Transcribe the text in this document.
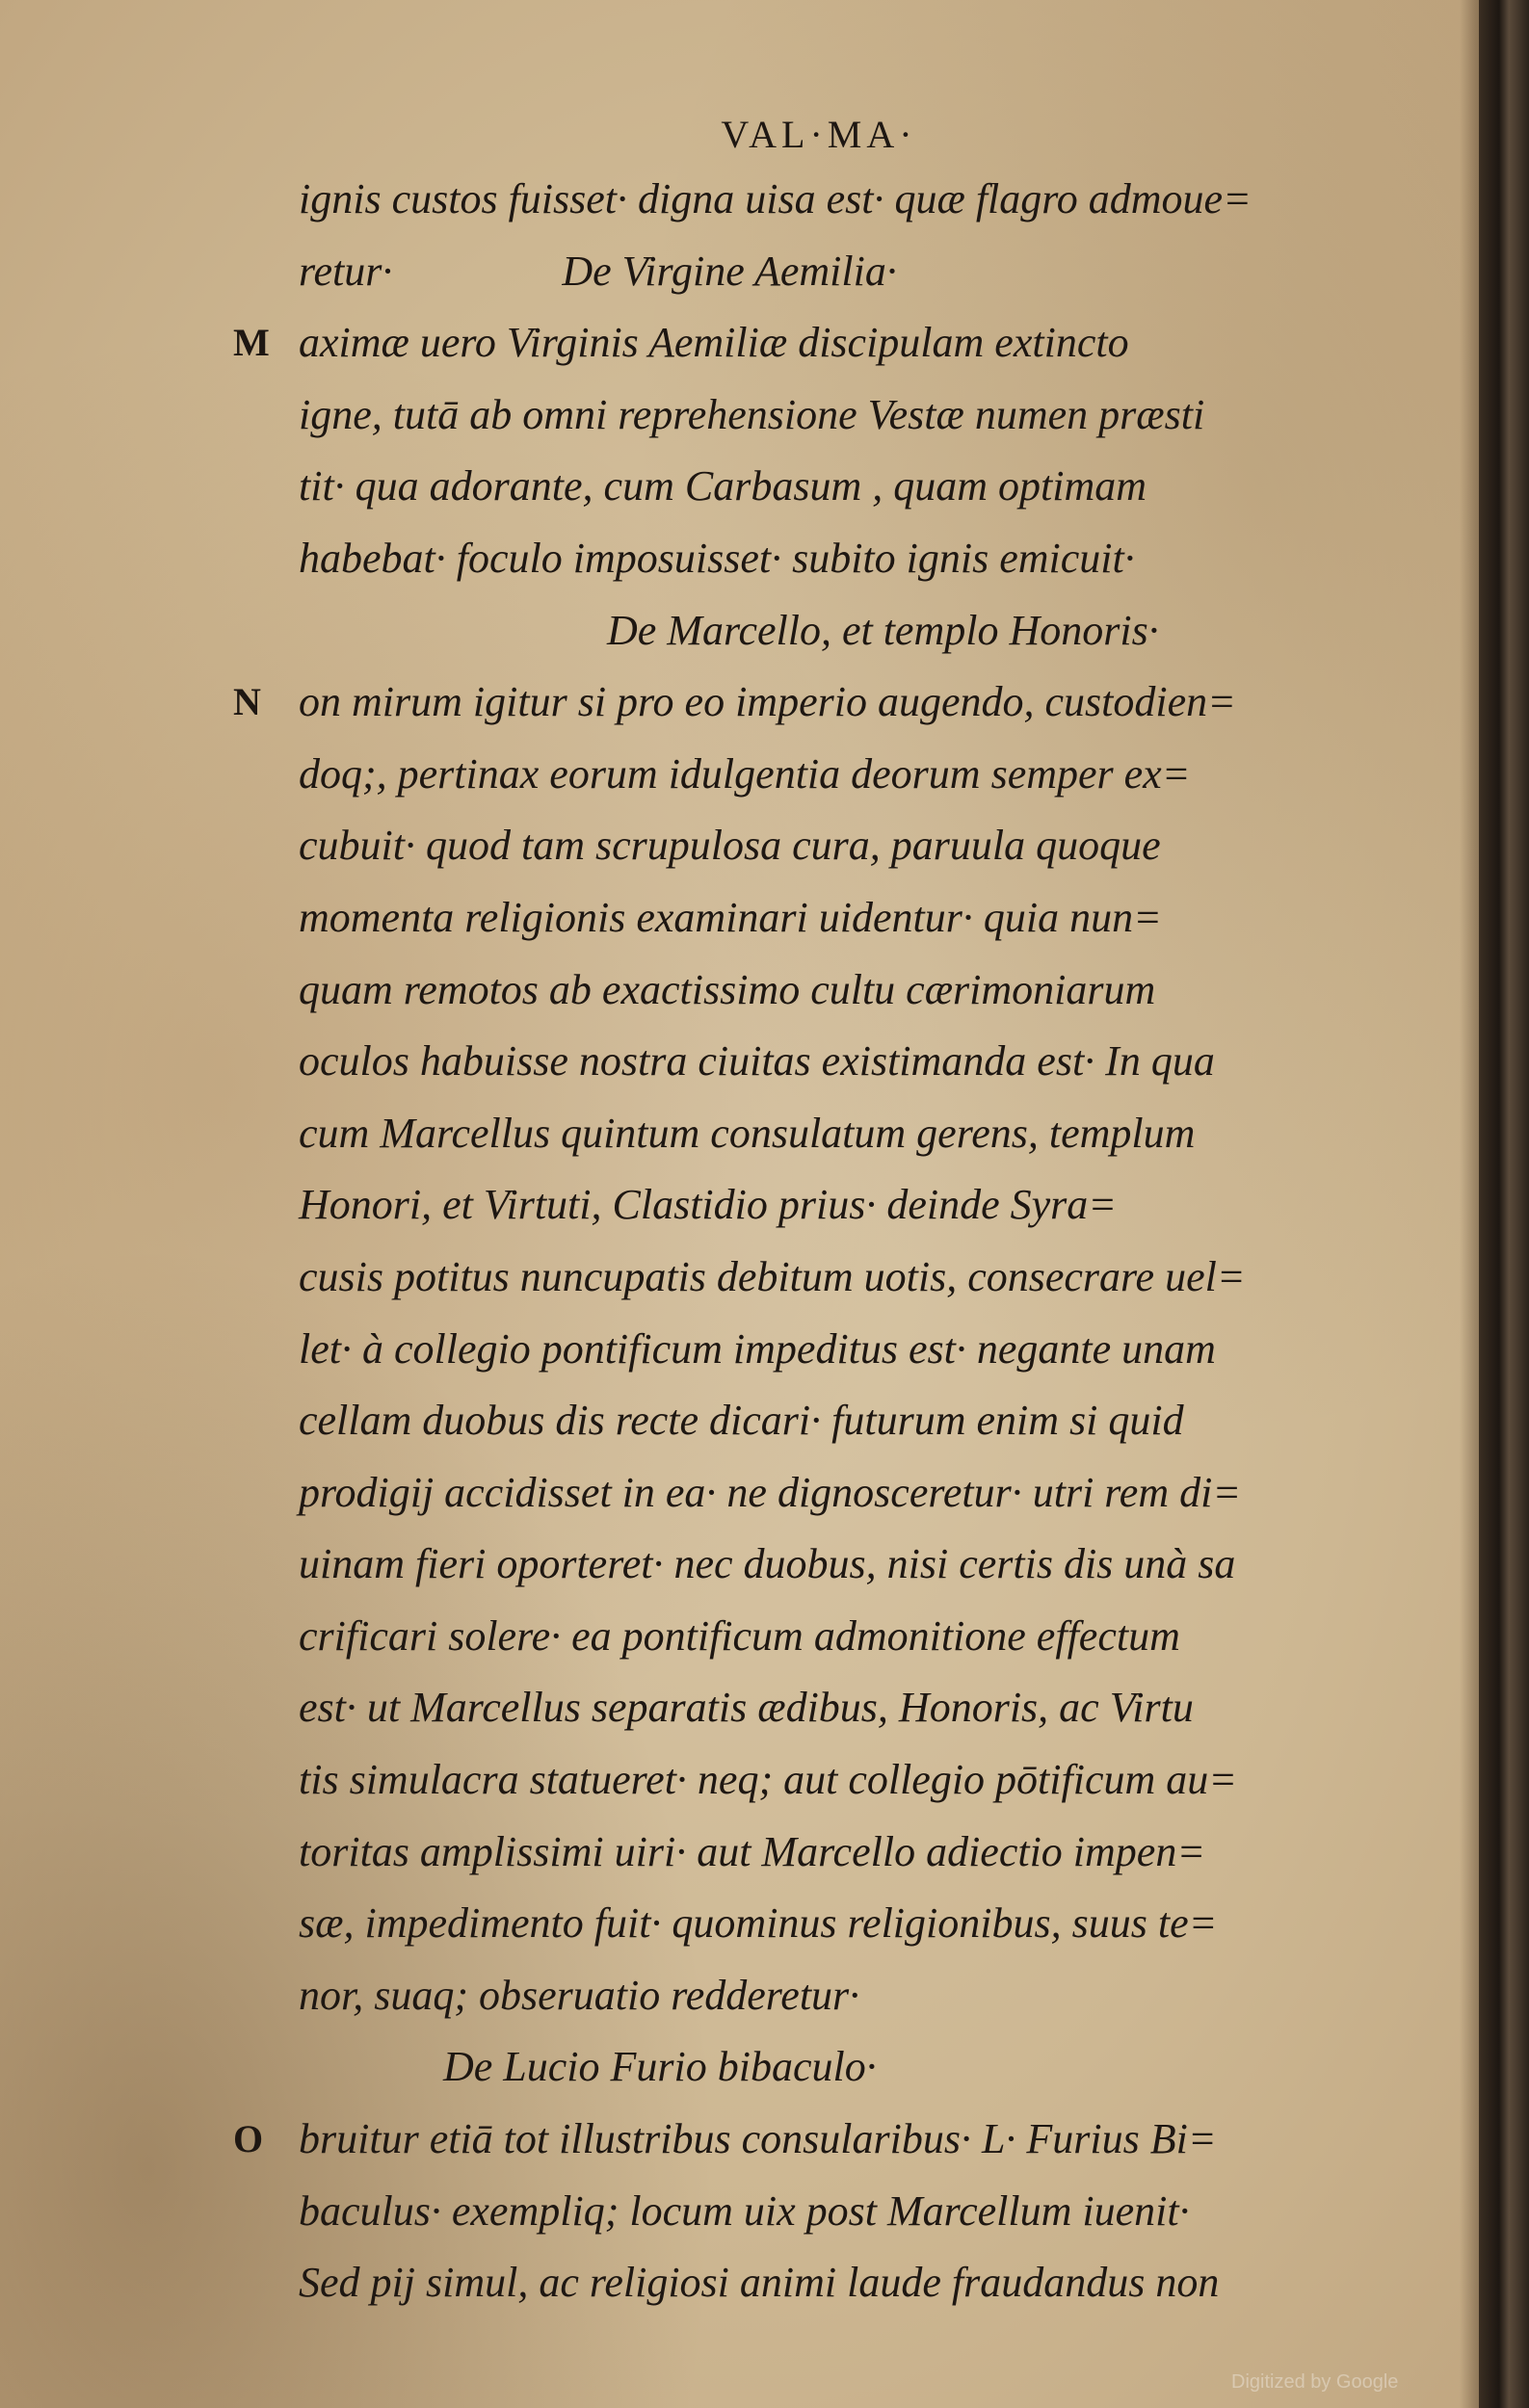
VAL·MA·
ignis custos fuisset· digna uisa est· quæ flagro admoue=
retur·                De Virgine Aemilia·
M aximæ uero Virginis Aemiliæ discipulam extincto
igne, tutā ab omni reprehensione Vestæ numen præsti
tit· qua adorante, cum Carbasum , quam optimam
habebat· foculo imposuisset· subito ignis emicuit·
De Marcello, et templo Honoris·
N on mirum igitur si pro eo imperio augendo, custodien=
doq;, pertinax eorum idulgentia deorum semper ex=
cubuit· quod tam scrupulosa cura, paruula quoque
momenta religionis examinari uidentur· quia nun=
quam remotos ab exactissimo cultu cærimoniarum
oculos habuisse nostra ciuitas existimanda est· In qua
cum Marcellus quintum consulatum gerens, templum
Honori, et Virtuti, Clastidio prius· deinde Syra=
cusis potitus nuncupatis debitum uotis, consecrare uel=
let· à collegio pontificum impeditus est· negante unam
cellam duobus dis recte dicari· futurum enim si quid
prodigij accidisset in ea· ne dignosceretur· utri rem di=
uinam fieri oporteret· nec duobus, nisi certis dis unà sa
crificari solere· ea pontificum admonitione effectum
est· ut Marcellus separatis ædibus, Honoris, ac Virtu
tis simulacra statueret· neq; aut collegio pōtificum au=
toritas amplissimi uiri· aut Marcello adiectio impen=
sæ, impedimento fuit· quominus religionibus, suus te=
nor, suaq; obseruatio redderetur·
De Lucio Furio bibaculo·
O bruitur etiā tot illustribus consularibus· L· Furius Bi=
baculus· exempliq; locum uix post Marcellum iuenit·
Sed pij simul, ac religiosi animi laude fraudandus non
Digitized by Google
